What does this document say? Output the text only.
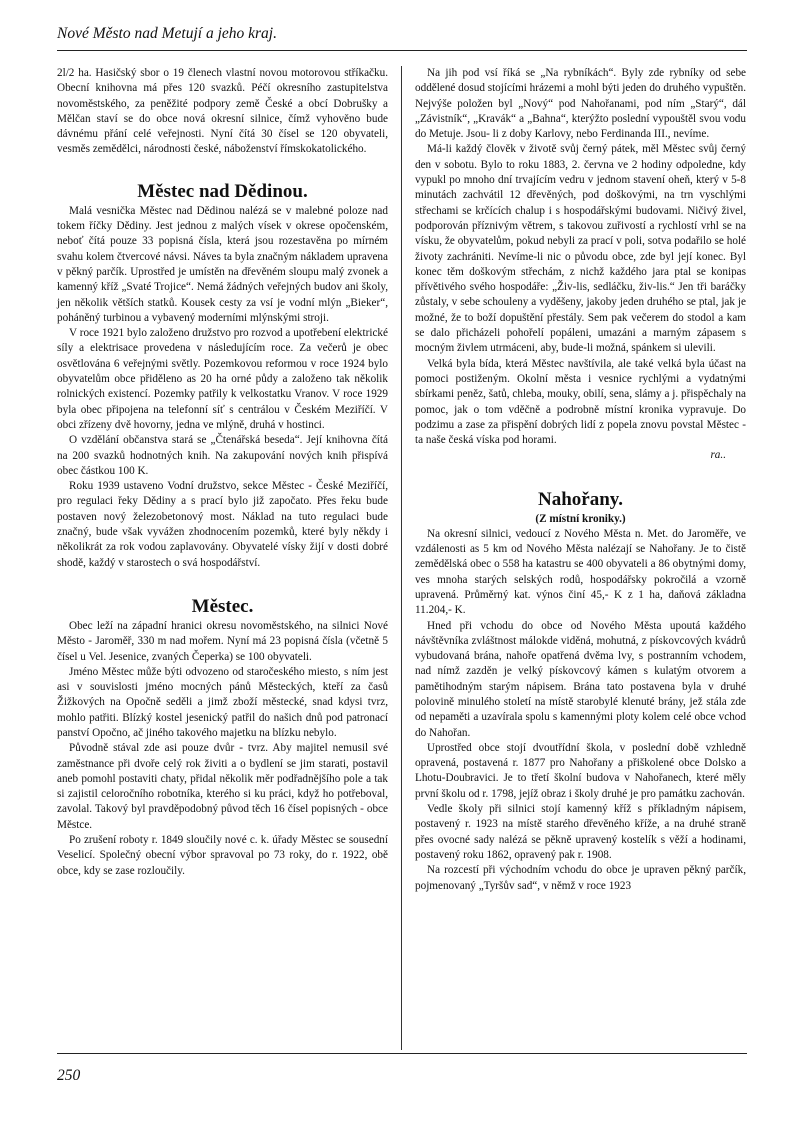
Nové Město nad Metují a jeho kraj.

2l/2 ha. Hasičský sbor o 19 členech vlastní novou motorovou stříkačku. Obecní knihovna má přes 120 svazků. Péčí okresního zastupitelstva novoměstského, za peněžité podpory země České a obcí Dobrušky a Mělčan staví se do obce nová okresní silnice, čímž vyhověno bude dávnému přání celé veřejnosti. Nyní čítá 30 čísel se 120 obyvateli, vesměs zemědělci, národnosti české, náboženství římskokatolického.

Městec nad Dědinou.

Malá vesnička Městec nad Dědinou nalézá se v malebné poloze nad tokem říčky Dědiny. Jest jednou z malých vísek v okrese opočenském, neboť čítá pouze 33 popisná čísla, která jsou rozestavěna po mírném svahu kolem čtvercové návsi. Náves ta byla značným nákladem upravena v pěkný parčík. Uprostřed je umístěn na dřevěném sloupu malý zvonek a kamenný kříž „Svaté Trojice“. Nemá žádných veřejných budov ani školy, jen několik větších statků. Kousek cesty za vsí je vodní mlýn „Bieker“, poháněný turbinou a vybavený moderními mlýnskými stroji.

V roce 1921 bylo založeno družstvo pro rozvod a upotřebení elektrické síly a elektrisace provedena v následujícím roce. Za večerů je obec osvětlována 6 veřejnými světly. Pozemkovou reformou v roce 1924 bylo obyvatelům obce přiděleno as 20 ha orné půdy a založeno tak několik rolnických existencí. Pozemky patřily k velkostatku Vranov. V roce 1929 byla obec připojena na telefonní síť s centrálou v Českém Meziříčí. V obci zřízeny dvě hovorny, jedna ve mlýně, druhá v hostinci.

O vzdělání občanstva stará se „Čtenářská beseda“. Její knihovna čítá na 200 svazků hodnotných knih. Na zakupování nových knih přispívá obec částkou 100 K.

Roku 1939 ustaveno Vodní družstvo, sekce Městec - České Meziříčí, pro regulaci řeky Dědiny a s prací bylo již započato. Přes řeku bude postaven nový železobetonový most. Náklad na tuto regulaci bude značný, bude však vyvážen zhodnocením pozemků, které byly někdy i několikrát za rok vodou zaplavovány. Obyvatelé vísky žijí v dosti dobré shodě, každý v starostech o svá hospodářství.

Městec.

Obec leží na západní hranici okresu novoměstského, na silnici Nové Město - Jaroměř, 330 m nad mořem. Nyní má 23 popisná čísla (včetně 5 čísel u Vel. Jesenice, zvaných Čeperka) se 100 obyvateli.

Jméno Městec může býti odvozeno od staročeského miesto, s ním jest asi v souvislosti jméno mocných pánů Městeckých, kteří za časů Žižkových na Opočně seděli a jimž zboží městecké, snad kdysi tvrz, mohlo patřiti. Blízký kostel jesenický patřil do našich dnů pod patronací panství Opočno, ač jiného takového majetku na blízku nebylo.

Původně stával zde asi pouze dvůr - tvrz. Aby majitel nemusil své zaměstnance při dvoře celý rok živiti a o bydlení se jim starati, postavil aneb pomohl postaviti chaty, přidal několik měr podřadnějšího pole a tak si zajistil celoročního robotníka, kterého si ku práci, když ho potřeboval, zavolal. Takový byl pravděpodobný původ těch 16 čísel popisných - obce Městce.

Po zrušení roboty r. 1849 sloučily nové c. k. úřady Městec se sousední Veselicí. Společný obecní výbor spravoval po 73 roky, do r. 1922, obě obce, kdy se zase rozloučily.

Na jih pod vsí říká se „Na rybníkách“. Byly zde rybníky od sebe oddělené dosud stojícími hrázemi a mohl býti jeden do druhého vypuštěn. Nejvýše položen byl „Nový“ pod Nahořanami, pod ním „Starý“, dál „Závistník“, „Kravák“ a „Bahna“, kterýžto poslední vypouštěl svou vodu do Metuje. Jsou- li z doby Karlovy, nebo Ferdinanda III., nevíme.

Má-li každý člověk v životě svůj černý pátek, měl Městec svůj černý den v sobotu. Bylo to roku 1883, 2. června ve 2 hodiny odpoledne, kdy vypukl po mnoho dní trvajícím vedru v jednom stavení oheň, který v 5-8 minutách zachvátil 12 dřevěných, pod doškovými, na trn vyschlými střechami se krčících chalup i s hospodářskými budovami. Ničivý živel, podporován příznivým větrem, s takovou zuřivostí a rychlostí vrhl se na vísku, že obyvatelům, pokud nebyli za prací v poli, sotva podařilo se holé životy zachrániti. Nevíme-li nic o původu obce, zde byl její konec. Byl konec těm doškovým střechám, z nichž každého jara ptal se konipas přívětivého svého hospodáře: „Živ-lis, sedláčku, živ-lis.“ Jen tři baráčky zůstaly, v sebe schouleny a vyděšeny, jakoby jeden druhého se ptal, jak je možné, že to boží dopuštění přestály. Sem pak večerem do stodol a kam se dalo přicházeli pohořelí popáleni, umazáni a marným zápasem s mocným živlem utrmáceni, aby, bude-li možná, spánkem si ulevili.

Velká byla bída, která Městec navštívila, ale také velká byla účast na pomoci postiženým. Okolní města i vesnice rychlými a vydatnými sbírkami peněz, šatů, chleba, mouky, obilí, sena, slámy a j. přispěchaly na pomoc, jak o tom vděčně a podrobně místní kronika vypravuje. Do podzimu a zase za přispění dobrých lidí z popela znovu povstal Městec - ta naše česká víska pod horami.

ra..
Nahořany.
(Z místní kroniky.)

Na okresní silnici, vedoucí z Nového Města n. Met. do Jaroměře, ve vzdálenosti as 5 km od Nového Města nalézají se Nahořany. Je to čistě zemědělská obec o 558 ha katastru se 400 obyvateli a 86 obytnými domy, ves mnoha starých selských rodů, hospodářsky pokročilá a vzorně upravená. Průměrný kat. výnos činí 45,- K z 1 ha, daňová základna 11.204,- K.

Hned při vchodu do obce od Nového Města upoutá každého návštěvníka zvláštnost málokde viděná, mohutná, z pískovcových kvádrů vybudovaná brána, nahoře opatřená dvěma lvy, s postranním vchodem, nad nímž zazděn je velký pískovcový kámen s kulatým otvorem a pamětihodným starým nápisem. Brána tato postavena byla v druhé polovině minulého století na místě starobylé klenuté brány, jež stála zde od nepaměti a uzavírala spolu s kamennými ploty kolem celé obce vchod do Nahořan.

Uprostřed obce stojí dvoutřídní škola, v poslední době vzhledně opravená, postavená r. 1877 pro Nahořany a přiškolené obce Dolsko a Lhotu-Doubravici. Je to třetí školní budova v Nahořanech, které měly první školu od r. 1798, jejíž obraz i školy druhé je pro památku zachován.

Vedle školy při silnici stojí kamenný kříž s příkladným nápisem, postavený r. 1923 na místě starého dřevěného kříže, a na druhé straně přes ovocné sady nalézá se pěkně upravený kostelík s věží a hodinami, postavený roku 1862, opravený pak r. 1908.

Na rozcestí při východním vchodu do obce je upraven pěkný parčík, pojmenovaný „Tyršův sad“, v němž v roce 1923

250
